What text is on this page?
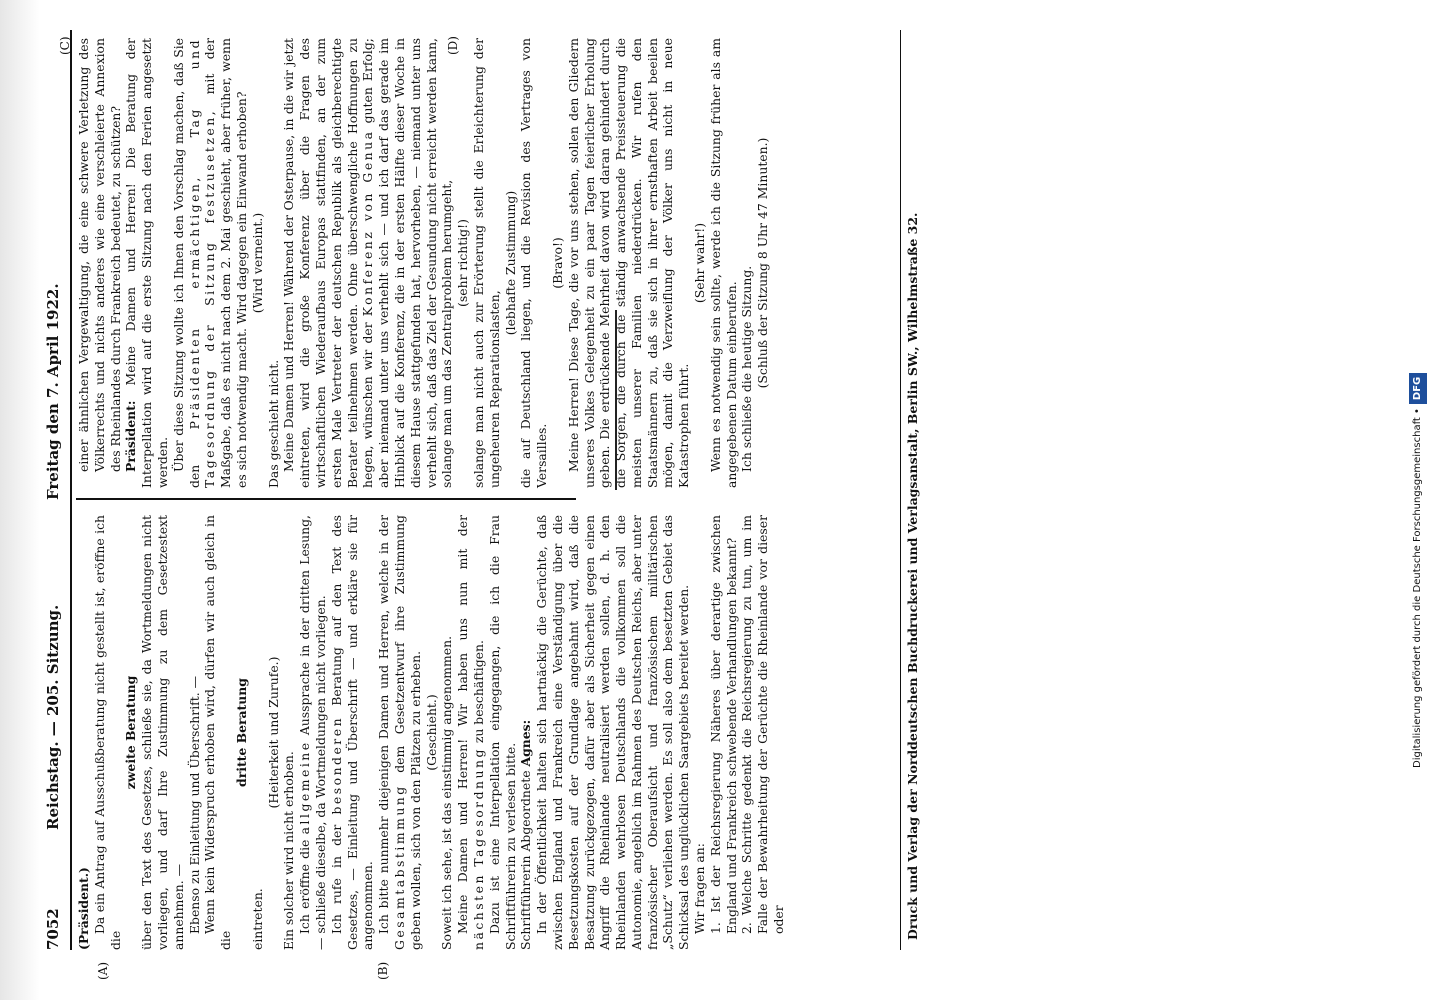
7052
Reichstag. — 205. Sitzung.
Freitag den 7. April 1922.
(A)	(B)
(C)	(D)

(Präsident.) Da ein Antrag auf Ausschußberatung nicht gestellt ist, eröffne ich die

zweite Beratung über den Text des Gesetzes, schließe sie, da Wortmeldungen nicht vorliegen, und darf Ihre Zustimmung zu dem Gesetzestext annehmen. — Ebenso zu Einleitung und Überschrift. — Wenn kein Widerspruch erhoben wird, dürfen wir auch gleich in die

dritte Beratung

eintreten.

(Heiterkeit und Zurufe.)

Ein solcher wird nicht erhoben. Ich eröffne die allgemeine Aussprache in der dritten Lesung, — schließe dieselbe, da Wortmeldungen nicht vorliegen. Ich rufe in der besonderen Beratung auf den Text des Gesetzes, — Einleitung und Überschrift — und erkläre sie für angenommen. Ich bitte nunmehr diejenigen Damen und Herren, welche in der Gesamtabstimmung dem Gesetzentwurf ihre Zustimmung geben wollen, sich von den Plätzen zu erheben. (Geschieht.) Soweit ich sehe, ist das einstimmig angenommen. Meine Damen und Herren! Wir haben uns nun mit der nächsten Tagesordnung zu beschäftigen. Dazu ist eine Interpellation eingegangen, die ich die Frau Schriftführerin zu verlesen bitte. Schriftführerin Abgeordnete Agnes: In der Öffentlichkeit halten sich hartnäckig die Gerüchte, daß zwischen England und Frankreich eine Verständigung über die Besetzungskosten auf der Grundlage angebahnt wird, daß die Besatzung zurückgezogen, dafür aber als Sicherheit gegen einen Angriff die Rheinlande neutralisiert werden sollen, d. h. den Rheinlanden wehrlosen Deutschlands die vollkommen soll die Autonomie, angeblich im Rahmen des Deutschen Reichs, aber unter französischer Oberaufsicht und französischem militärischen „Schutz“ verliehen werden. Es soll also dem besetzten Gebiet das Schicksal des unglücklichen Saargebiets bereitet werden. Wir fragen an: 1. Ist der Reichsregierung Näheres über derartige zwischen England und Frankreich schwebende Verhandlungen bekannt? 2. Welche Schritte gedenkt die Reichsregierung zu tun, um im Falle der Bewahrheitung der Gerüchte die Rheinlande vor dieser oder

einer ähnlichen Vergewaltigung, die eine schwere Verletzung des Völkerrechts und nichts anderes wie eine verschleierte Annexion des Rheinlandes durch Frankreich bedeutet, zu schützen? Präsident: Meine Damen und Herren! Die Beratung der Interpellation wird auf die erste Sitzung nach den Ferien angesetzt werden. Über diese Sitzung wollte ich Ihnen den Vorschlag machen, daß Sie den Präsidenten ermächtigen, Tag und Tagesordnung der Sitzung festzusetzen, mit der Maßgabe, daß es nicht nach dem 2. Mai geschieht, aber früher, wenn es sich notwendig macht. Wird dagegen ein Einwand erhoben? (Wird verneint.)

Das geschieht nicht. Meine Damen und Herren! Während der Osterpause, in die wir jetzt eintreten, wird die große Konferenz über die Fragen des wirtschaftlichen Wiederaufbaus Europas stattfinden, an der zum ersten Male Vertreter der deutschen Republik als gleichberechtigte Berater teilnehmen werden. Ohne überschwengliche Hoffnungen zu hegen, wünschen wir der Konferenz von Genua guten Erfolg; aber niemand unter uns verhehlt sich — und ich darf das gerade im Hinblick auf die Konferenz, die in der ersten Hälfte dieser Woche in diesem Hause stattgefunden hat, hervorheben, — niemand unter uns verhehlt sich, daß das Ziel der Gesundung nicht erreicht werden kann, solange man um das Zentralproblem herumgeht, (sehr richtig!) solange man nicht auch zur Erörterung stellt die Erleichterung der ungeheuren Reparationslasten,

(lebhafte Zustimmung) die auf Deutschland liegen, und die Revision des Vertrages von Versailles.

(Bravo!) Meine Herren! Diese Tage, die vor uns stehen, sollen den Gliedern unseres Volkes Gelegenheit zu ein paar Tagen feierlicher Erholung geben. Die erdrückende Mehrheit davon wird daran gehindert durch die Sorgen, die durch die ständig anwachsende Preissteuerung die meisten unserer Familien niederdrücken. Wir rufen den Staatsmännern zu, daß sie sich in ihrer ernsthaften Arbeit beeilen mögen, damit die Verzweiflung der Völker uns nicht in neue Katastrophen führt.

(Sehr wahr!) Wenn es notwendig sein sollte, werde ich die Sitzung früher als am angegebenen Datum einberufen. Ich schließe die heutige Sitzung. (Schluß der Sitzung 8 Uhr 47 Minuten.)	Druck und Verlag der Norddeutschen Buchdruckerei und Verlagsanstalt, Berlin SW., Wilhelmstraße 32.	Digitalisierung gefördert durch die Deutsche Forschungsgemeinschaft •DFG
